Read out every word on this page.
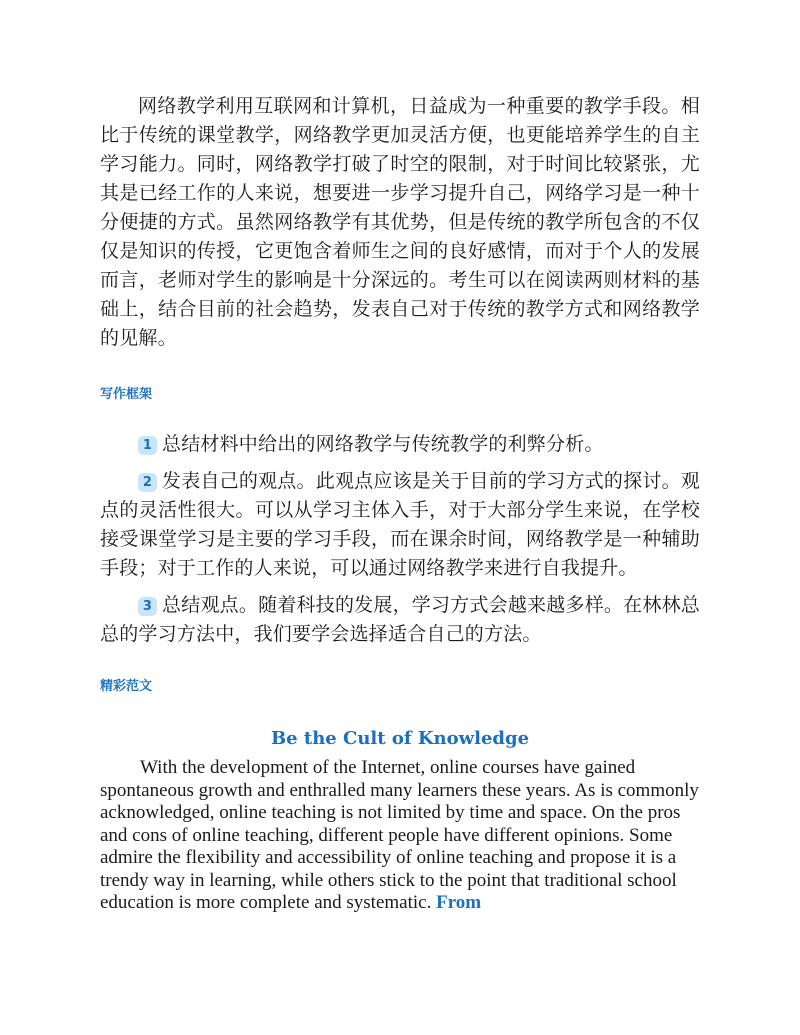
网络教学利用互联网和计算机，日益成为一种重要的教学手段。相比于传统的课堂教学，网络教学更加灵活方便，也更能培养学生的自主学习能力。同时，网络教学打破了时空的限制，对于时间比较紧张，尤其是已经工作的人来说，想要进一步学习提升自己，网络学习是一种十分便捷的方式。虽然网络教学有其优势，但是传统的教学所包含的不仅仅是知识的传授，它更饱含着师生之间的良好感情，而对于个人的发展而言，老师对学生的影响是十分深远的。考生可以在阅读两则材料的基础上，结合目前的社会趋势，发表自己对于传统的教学方式和网络教学的见解。

写作框架

1 总结材料中给出的网络教学与传统教学的利弊分析。

2 发表自己的观点。此观点应该是关于目前的学习方式的探讨。观点的灵活性很大。可以从学习主体入手，对于大部分学生来说，在学校接受课堂学习是主要的学习手段，而在课余时间，网络教学是一种辅助手段；对于工作的人来说，可以通过网络教学来进行自我提升。

3 总结观点。随着科技的发展，学习方式会越来越多样。在林林总总的学习方法中，我们要学会选择适合自己的方法。

精彩范文

Be the Cult of Knowledge

With the development of the Internet, online courses have gained spontaneous growth and enthralled many learners these years. As is commonly acknowledged, online teaching is not limited by time and space. On the pros and cons of online teaching, different people have different opinions. Some admire the flexibility and accessibility of online teaching and propose it is a trendy way in learning, while others stick to the point that traditional school education is more complete and systematic. From
